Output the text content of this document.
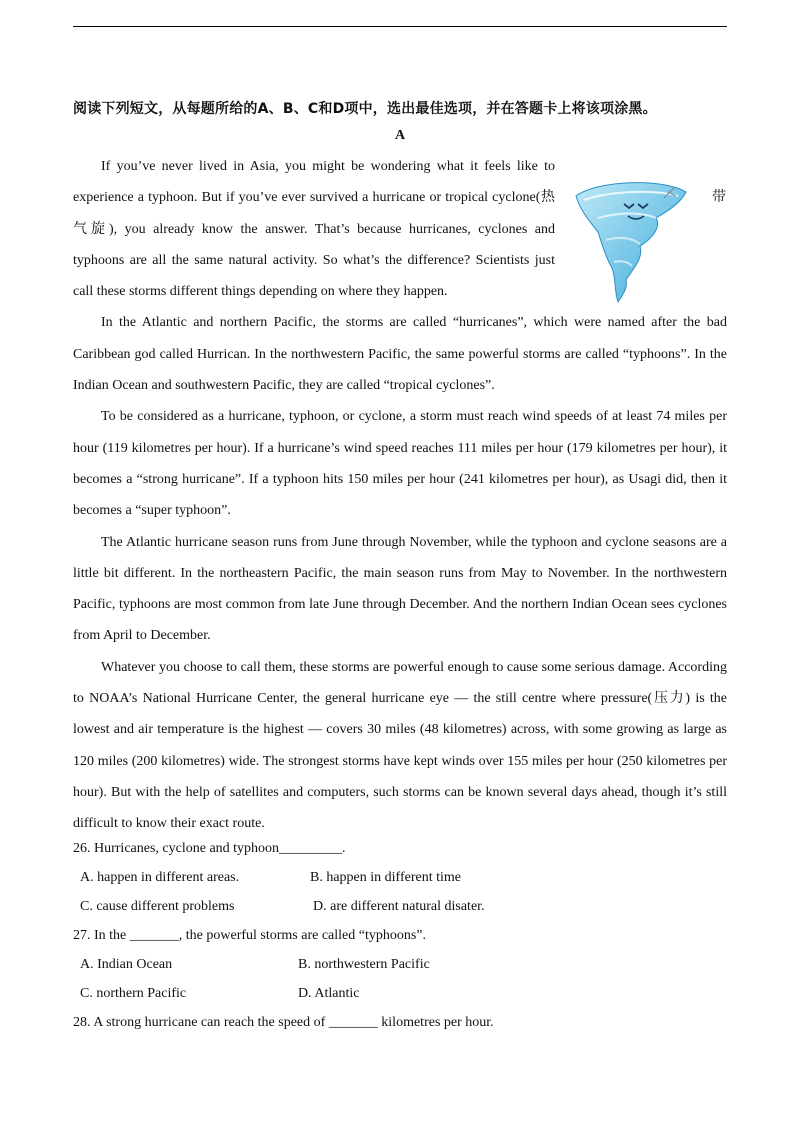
阅读下列短文，从每题所给的A、B、C和D项中，选出最佳选项，并在答题卡上将该项涂黑。
A

If you’ve never lived in Asia, you might be wondering what it feels like to experience a typhoon. But if you’ve ever survived a hurricane or tropical cyclone(热 气旋), you already know the answer. That’s because hurricanes, cyclones and typhoons are all the same natural activity. So what’s the difference? Scientists just call these storms different things depending on where they happen.

In the Atlantic and northern Pacific, the storms are called “hurricanes”, which were named after the bad Caribbean god called Hurrican. In the northwestern Pacific, the same powerful storms are called “typhoons”. In the Indian Ocean and southwestern Pacific, they are called “tropical cyclones”.

To be considered as a hurricane, typhoon, or cyclone, a storm must reach wind speeds of at least 74 miles per hour (119 kilometres per hour). If a hurricane’s wind speed reaches 111 miles per hour (179 kilometres per hour), it becomes a “strong hurricane”. If a typhoon hits 150 miles per hour (241 kilometres per hour), as Usagi did, then it becomes a “super typhoon”.

The Atlantic hurricane season runs from June through November, while the typhoon and cyclone seasons are a little bit different. In the northeastern Pacific, the main season runs from May to November. In the northwestern Pacific, typhoons are most common from late June through December. And the northern Indian Ocean sees cyclones from April to December.

Whatever you choose to call them, these storms are powerful enough to cause some serious damage. According to NOAA’s National Hurricane Center, the general hurricane eye — the still centre where pressure(压力) is the lowest and air temperature is the highest — covers 30 miles (48 kilometres) across, with some growing as large as 120 miles (200 kilometres) wide. The strongest storms have kept winds over 155 miles per hour (250 kilometres per hour). But with the help of satellites and computers, such storms can be known several days ahead, though it’s still difficult to know their exact route.

带

26. Hurricanes, cyclone and typhoon_________.

A. happen in different areas.	B. happen in different time
C. cause different problems	D. are different natural disater.

27. In the _______, the powerful storms are called “typhoons”.

A. Indian Ocean	B. northwestern Pacific
C. northern Pacific	D. Atlantic

28. A strong hurricane can reach the speed of _______ kilometres per hour.
